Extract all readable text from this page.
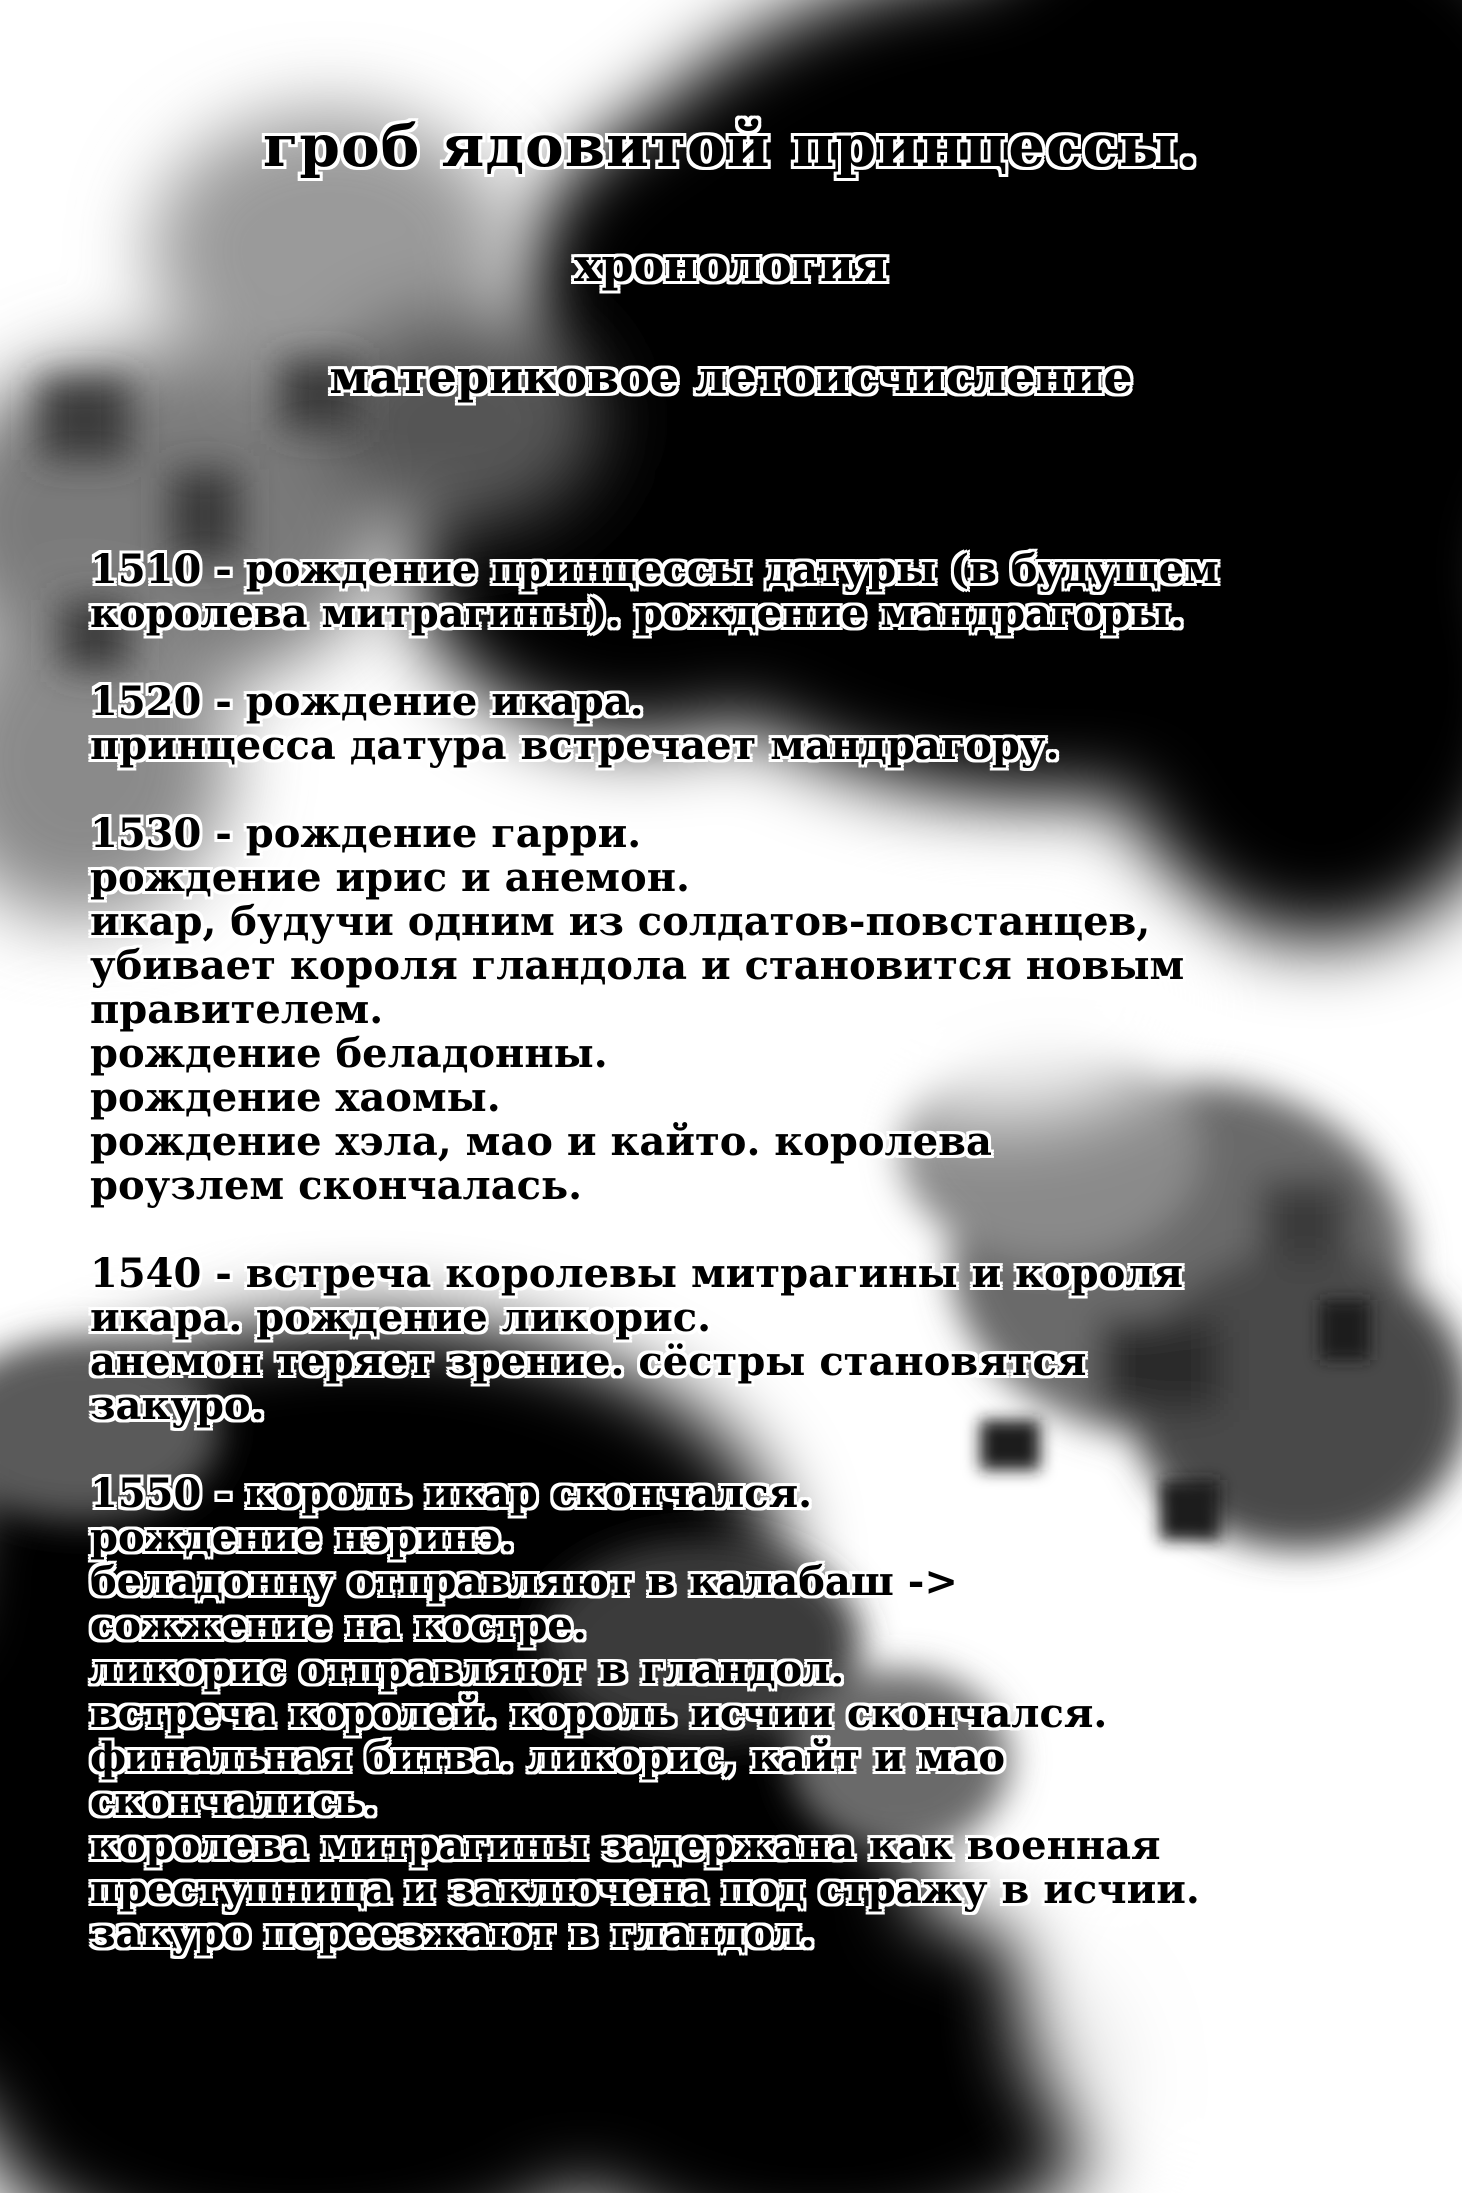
гроб ядовитой принцессы.
хронология
материковое летоисчисление
1510 - рождение принцессы датуры (в будущем
королева митрагины). рождение мандрагоры.
1520 - рождение икара.
принцесса датура встречает мандрагору.
1530 - рождение гарри.
рождение ирис и анемон.
икар, будучи одним из солдатов-повстанцев,
убивает короля гландола и становится новым
правителем.
рождение беладонны.
рождение хаомы.
рождение хэла, мао и кайто. королева
роузлем скончалась.
1540 - встреча королевы митрагины и короля
икара. рождение ликорис.
анемон теряет зрение. сёстры становятся
закуро.
1550 - король икар скончался.
рождение нэринэ.
беладонну отправляют в калабаш ->
сожжение на костре.
ликорис отправляют в гландол.
встреча королей. король исчии скончался.
финальная битва. ликорис, кайт и мао
скончались.
королева митрагины задержана как военная
преступница и заключена под стражу в исчии.
закуро переезжают в гландол.
